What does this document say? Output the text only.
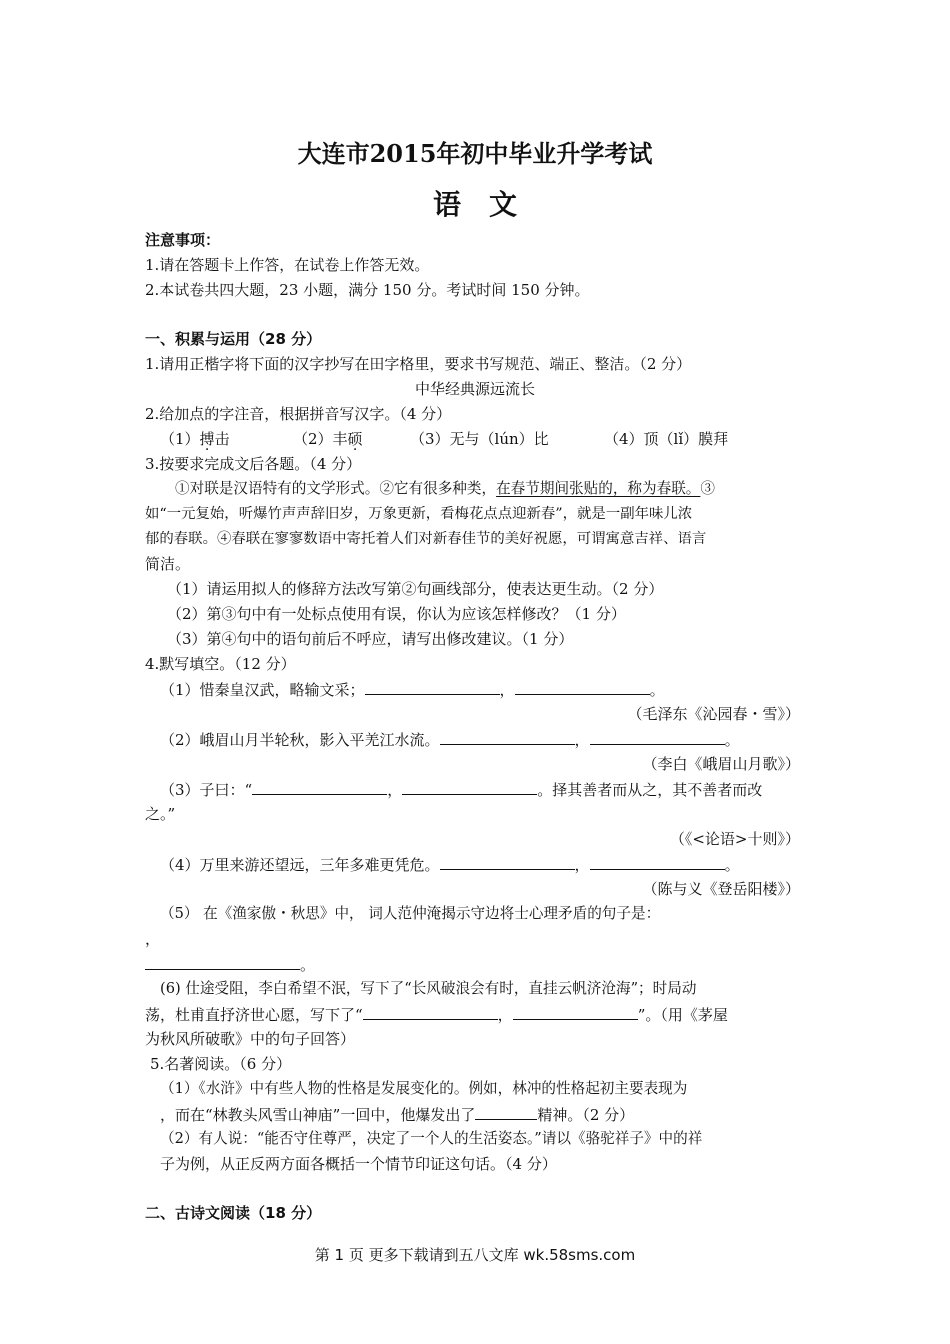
大连市2015年初中毕业升学考试
语文
注意事项：
1.请在答题卡上作答，在试卷上作答无效。
2.本试卷共四大题，23 小题，满分 150 分。考试时间 150 分钟。
一、积累与运用（28 分）
1.请用正楷字将下面的汉字抄写在田字格里，要求书写规范、端正、整洁。（2 分）
中华经典源远流长
2.给加点的字注音，根据拼音写汉字。（4 分）
（1）搏击	（2）丰硕	（3）无与（lún）比	（4）顶（lǐ）膜拜
3.按要求完成文后各题。（4 分）
①对联是汉语特有的文学形式。②它有很多种类，在春节期间张贴的，称为春联。③
如“一元复始，听爆竹声声辞旧岁，万象更新，看梅花点点迎新春”，就是一副年味儿浓
郁的春联。④春联在寥寥数语中寄托着人们对新春佳节的美好祝愿，可谓寓意吉祥、语言
简洁。
（1）请运用拟人的修辞方法改写第②句画线部分，使表达更生动。（2 分）
（2）第③句中有一处标点使用有误，你认为应该怎样修改？（1 分）
（3）第④句中的语句前后不呼应，请写出修改建议。（1 分）
4.默写填空。（12 分）
（1）惜秦皇汉武，略输文采；	，	。
（毛泽东《沁园春・雪》）
（2）峨眉山月半轮秋，影入平羌江水流。	，	。
（李白《峨眉山月歌》）
（3）子曰：“	，	。择其善者而从之，其不善者而改
之。”
（《<论语>十则》）
（4）万里来游还望远，三年多难更凭危。	，	。
（陈与义《登岳阳楼》）
（5） 在《渔家傲・秋思》中， 词人范仲淹揭示守边将士心理矛盾的句子是：
，
。
(6) 仕途受阻，李白希望不泯，写下了“长风破浪会有时，直挂云帆济沧海”；时局动
荡，杜甫直抒济世心愿，写下了“	，	”。（用《茅屋
为秋风所破歌》中的句子回答）
5.名著阅读。（6 分）
（1）《水浒》中有些人物的性格是发展变化的。例如，林冲的性格起初主要表现为
，而在“林教头风雪山神庙”一回中，他爆发出了	精神。（2 分）
（2）有人说：“能否守住尊严，决定了一个人的生活姿态。”请以《骆驼祥子》中的祥
子为例，从正反两方面各概括一个情节印证这句话。（4 分）
二、古诗文阅读（18 分）
第 1 页 更多下载请到五八文库 wk.58sms.com
